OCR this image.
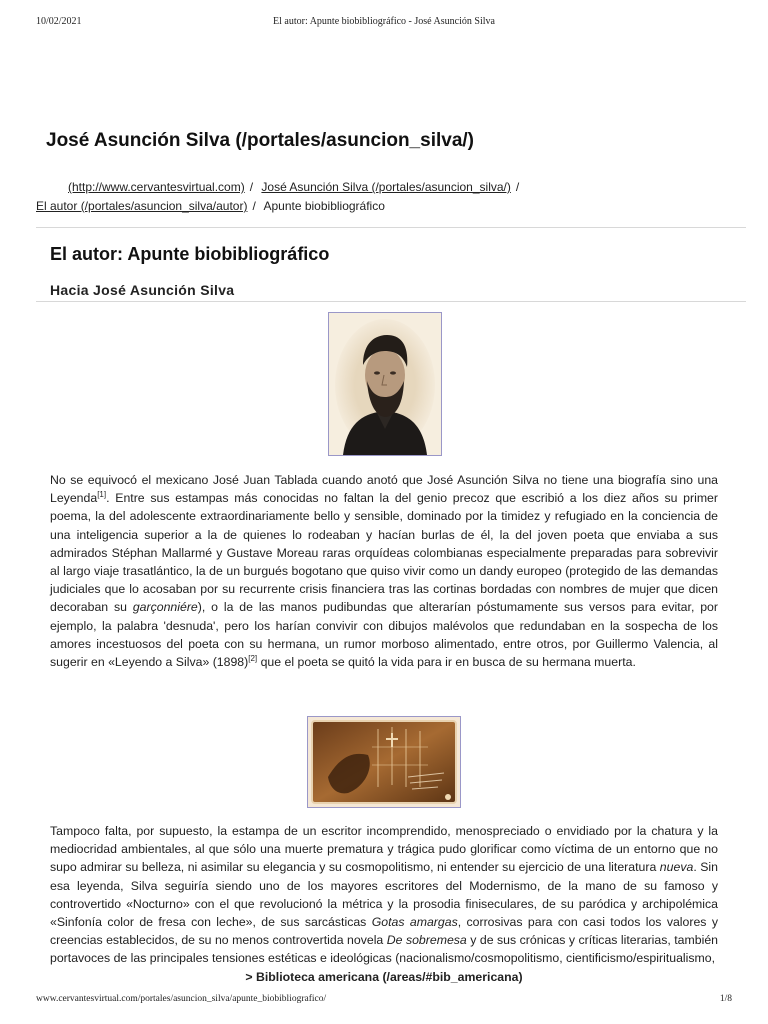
10/02/2021	El autor: Apunte biobibliográfico - José Asunción Silva
José Asunción Silva (/portales/asuncion_silva/)
(http://www.cervantesvirtual.com) / José Asunción Silva (/portales/asuncion_silva/) /
El autor (/portales/asuncion_silva/autor) / Apunte biobibliográfico
El autor: Apunte biobibliográfico
Hacia José Asunción Silva

No se equivocó el mexicano José Juan Tablada cuando anotó que José Asunción Silva no tiene una biografía sino una Leyenda[1]. Entre sus estampas más conocidas no faltan la del genio precoz que escribió a los diez años su primer poema, la del adolescente extraordinariamente bello y sensible, dominado por la timidez y refugiado en la conciencia de una inteligencia superior a la de quienes lo rodeaban y hacían burlas de él, la del joven poeta que enviaba a sus admirados Stéphan Mallarmé y Gustave Moreau raras orquídeas colombianas especialmente preparadas para sobrevivir al largo viaje trasatlántico, la de un burgués bogotano que quiso vivir como un dandy europeo (protegido de las demandas judiciales que lo acosaban por su recurrente crisis financiera tras las cortinas bordadas con nombres de mujer que dicen decoraban su garçonniére), o la de las manos pudibundas que alterarían póstumamente sus versos para evitar, por ejemplo, la palabra 'desnuda', pero los harían convivir con dibujos malévolos que redundaban en la sospecha de los amores incestuosos del poeta con su hermana, un rumor morboso alimentado, entre otros, por Guillermo Valencia, al sugerir en «Leyendo a Silva» (1898)[2] que el poeta se quitó la vida para ir en busca de su hermana muerta.

Tampoco falta, por supuesto, la estampa de un escritor incomprendido, menospreciado o envidiado por la chatura y la mediocridad ambientales, al que sólo una muerte prematura y trágica pudo glorificar como víctima de un entorno que no supo admirar su belleza, ni asimilar su elegancia y su cosmopolitismo, ni entender su ejercicio de una literatura nueva. Sin esa leyenda, Silva seguiría siendo uno de los mayores escritores del Modernismo, de la mano de su famoso y controvertido «Nocturno» con el que revolucionó la métrica y la prosodia finiseculares, de su paródica y archipolémica «Sinfonía color de fresa con leche», de sus sarcásticas Gotas amargas, corrosivas para con casi todos los valores y creencias establecidos, de su no menos controvertida novela De sobremesa y de sus crónicas y críticas literarias, también portavoces de las principales tensiones estéticas e ideológicas (nacionalismo/cosmopolitismo, cientificismo/espiritualismo,

> Biblioteca americana (/areas/#bib_americana)
www.cervantesvirtual.com/portales/asuncion_silva/apunte_biobibliografico/	1/8
